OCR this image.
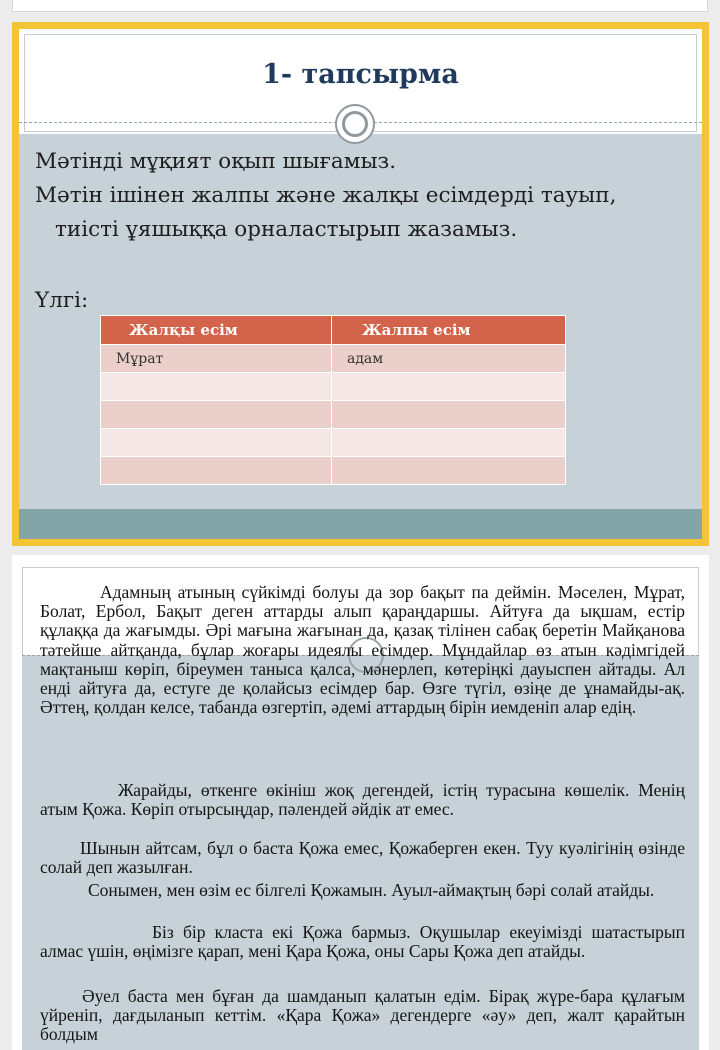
1- тапсырма
Мәтінді мұқият оқып шығамыз.
Мәтін ішінен жалпы және жалқы есімдерді тауып,
тиісті ұяшыққа орналастырып жазамыз.
Үлгі:
Жалқы есім	Жалпы есім
Мұрат	адам

Адамның атының сүйкімді болуы да зор бақыт па деймін. Мәселен, Мұрат, Болат, Ербол, Бақыт деген аттарды алып қараңдаршы. Айтуға да ықшам, естір құлаққа да жағымды. Әрі мағына жағынан да, қазақ тілінен сабақ беретін Майқанова тәтейше айтқанда, бұлар жоғары идеялы есімдер. Мұндайлар өз атын кәдімгідей мақтаныш көріп, біреумен таныса қалса, мәнерлеп, көтеріңкі дауыспен айтады. Ал енді айтуға да, естуге де қолайсыз есімдер бар. Өзге түгіл, өзіңе де ұнамайды-ақ. Әттең, қолдан келсе, табанда өзгертіп, әдемі аттардың бірін иемденіп алар едің.

Жарайды, өткенге өкініш жоқ дегендей, істің турасына көшелік. Менің атым Қожа. Көріп отырсыңдар, пәлендей әйдік ат емес.

Шынын айтсам, бұл о баста Қожа емес, Қожаберген екен. Туу куәлігінің өзінде солай деп жазылған.

Сонымен, мен өзім ес білгелі Қожамын. Ауыл-аймақтың бәрі солай атайды.

Біз бір класта екі Қожа бармыз. Оқушылар екеуімізді шатастырып алмас үшін, өңімізге қарап, мені Қара Қожа, оны Сары Қожа деп атайды.

Әуел баста мен бұған да шамданып қалатын едім. Бірақ жүре-бара құлағым үйреніп, дағдыланып кеттім. «Қара Қожа» дегендерге «әу» деп, жалт қарайтын болдым
